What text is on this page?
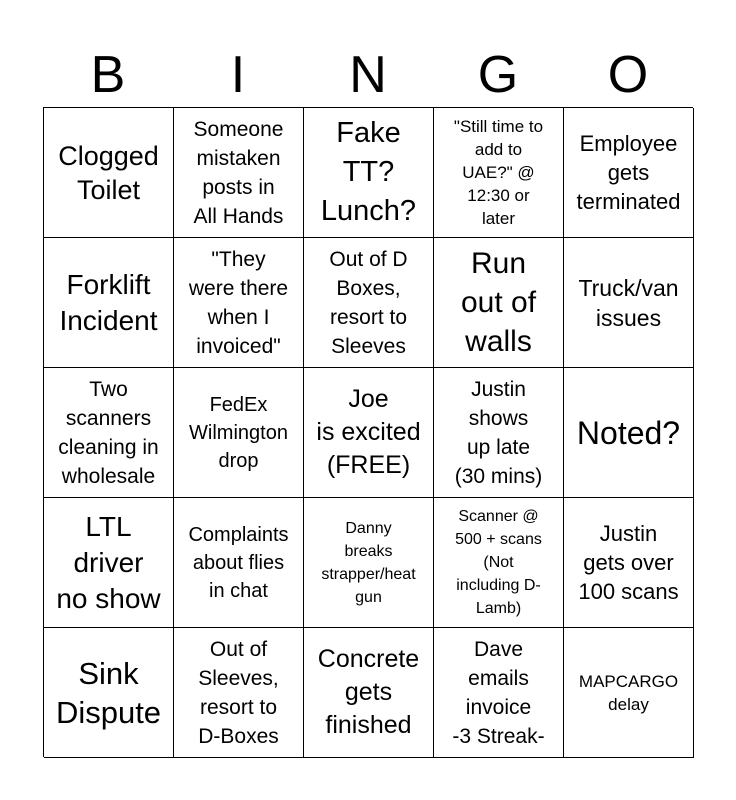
B	I	N	G	O
Clogged
Toilet
Someone
mistaken
posts in
All Hands
Fake
TT?
Lunch?
"Still time to
add to
UAE?" @
12:30 or
later
Employee
gets
terminated
Forklift
Incident
"They
were there
when I
invoiced"
Out of D
Boxes,
resort to
Sleeves
Run
out of
walls
Truck/van
issues
Two
scanners
cleaning in
wholesale
FedEx
Wilmington
drop
Joe
is excited
(FREE)
Justin
shows
up late
(30 mins)
Noted?
LTL
driver
no show
Complaints
about flies
in chat
Danny
breaks
strapper/heat
gun
Scanner @
500 + scans
(Not
including D-
Lamb)
Justin
gets over
100 scans
Sink
Dispute
Out of
Sleeves,
resort to
D-Boxes
Concrete
gets
finished
Dave
emails
invoice
-3 Streak-
MAPCARGO
delay
